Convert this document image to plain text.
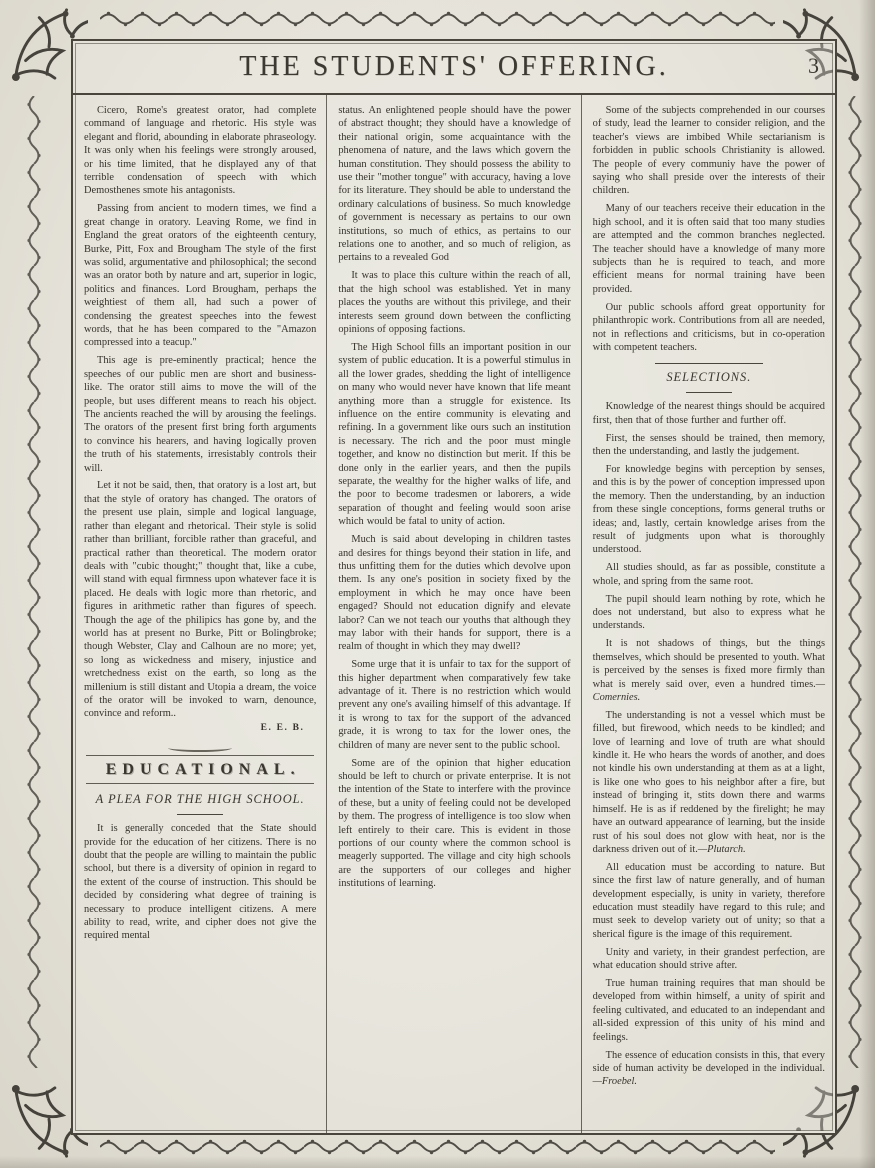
THE STUDENTS' OFFERING.	3

Cicero, Rome's greatest orator, had complete command of language and rhetoric. His style was elegant and florid, abounding in elaborate phraseology. It was only when his feelings were strongly aroused, or his time limited, that he displayed any of that terrible condensation of speech with which Demosthenes smote his antagonists.

Passing from ancient to modern times, we find a great change in oratory. Leaving Rome, we find in England the great orators of the eighteenth century, Burke, Pitt, Fox and Brougham The style of the first was solid, argumentative and philosophical; the second was an orator both by nature and art, superior in logic, politics and finances. Lord Brougham, perhaps the weightiest of them all, had such a power of condensing the greatest speeches into the fewest words, that he has been compared to the "Amazon compressed into a teacup."

This age is pre-eminently practical; hence the speeches of our public men are short and business-like. The orator still aims to move the will of the people, but uses different means to reach his object. The ancients reached the will by arousing the feelings. The orators of the present first bring forth arguments to convince his hearers, and having logically proven the truth of his statements, irresistably controls their will.

Let it not be said, then, that oratory is a lost art, but that the style of oratory has changed. The orators of the present use plain, simple and logical language, rather than elegant and rhetorical. Their style is solid rather than brilliant, forcible rather than graceful, and practical rather than theoretical. The modern orator deals with "cubic thought;" thought that, like a cube, will stand with equal firmness upon whatever face it is placed. He deals with logic more than rhetoric, and figures in arithmetic rather than figures of speech. Though the age of the philipics has gone by, and the world has at present no Burke, Pitt or Bolingbroke; though Webster, Clay and Calhoun are no more; yet, so long as wickedness and misery, injustice and wretchedness exist on the earth, so long as the millenium is still distant and Utopia a dream, the voice of the orator will be invoked to warn, denounce, convince and reform..
E. E. B.

EDUCATIONAL.
A PLEA FOR THE HIGH SCHOOL.

It is generally conceded that the State should provide for the education of her citizens. There is no doubt that the people are willing to maintain the public school, but there is a diversity of opinion in regard to the extent of the course of instruction. This should be decided by considering what degree of training is necessary to produce intelligent citizens. A mere ability to read, write, and cipher does not give the required mental

status. An enlightened people should have the power of abstract thought; they should have a knowledge of their national origin, some acquaintance with the phenomena of nature, and the laws which govern the human constitution. They should possess the ability to use their "mother tongue" with accuracy, having a love for its literature. They should be able to understand the ordinary calculations of business. So much knowledge of government is necessary as pertains to our own institutions, so much of ethics, as pertains to our relations one to another, and so much of religion, as pertains to a revealed God

It was to place this culture within the reach of all, that the high school was established. Yet in many places the youths are without this privilege, and their interests seem ground down between the conflicting opinions of opposing factions.

The High School fills an important position in our system of public education. It is a powerful stimulus in all the lower grades, shedding the light of intelligence on many who would never have known that life meant anything more than a struggle for existence. Its influence on the entire community is elevating and refining. In a government like ours such an institution is necessary. The rich and the poor must mingle together, and know no distinction but merit. If this be done only in the earlier years, and then the pupils separate, the wealthy for the higher walks of life, and the poor to become tradesmen or laborers, a wide separation of thought and feeling would soon arise which would be fatal to unity of action.

Much is said about developing in children tastes and desires for things beyond their station in life, and thus unfitting them for the duties which devolve upon them. Is any one's position in society fixed by the employment in which he may once have been engaged? Should not education dignify and elevate labor? Can we not teach our youths that although they may labor with their hands for support, there is a realm of thought in which they may dwell?

Some urge that it is unfair to tax for the support of this higher department when comparatively few take advantage of it. There is no restriction which would prevent any one's availing himself of this advantage. If it is wrong to tax for the support of the advanced grade, it is wrong to tax for the lower ones, the children of many are never sent to the public school.

Some are of the opinion that higher education should be left to church or private enterprise. It is not the intention of the State to interfere with the province of these, but a unity of feeling could not be developed by them. The progress of intelligence is too slow when left entirely to their care. This is evident in those portions of our county where the common school is meagerly supported. The village and city high schools are the supporters of our colleges and higher institutions of learning.

Some of the subjects comprehended in our courses of study, lead the learner to consider religion, and the teacher's views are imbibed While sectarianism is forbidden in public schools Christianity is allowed. The people of every communiy have the power of saying who shall preside over the interests of their children.

Many of our teachers receive their education in the high school, and it is often said that too many studies are attempted and the common branches neglected. The teacher should have a knowledge of many more subjects than he is required to teach, and more efficient means for normal training have been provided.

Our public schools afford great opportunity for philanthropic work. Contributions from all are needed, not in reflections and criticisms, but in co-operation with competent teachers.

SELECTIONS.

Knowledge of the nearest things should be acquired first, then that of those further and further off.

First, the senses should be trained, then memory, then the understanding, and lastly the judgement.

For knowledge begins with perception by senses, and this is by the power of conception impressed upon the memory. Then the understanding, by an induction from these single conceptions, forms general truths or ideas; and, lastly, certain knowledge arises from the result of judgments upon what is thoroughly understood.

All studies should, as far as possible, constitute a whole, and spring from the same root.

The pupil should learn nothing by rote, which he does not understand, but also to express what he understands.

It is not shadows of things, but the things themselves, which should be presented to youth. What is perceived by the senses is fixed more firmly than what is merely said over, even a hundred times.—Comernies.

The understanding is not a vessel which must be filled, but firewood, which needs to be kindled; and love of learning and love of truth are what should kindle it. He who hears the words of another, and does not kindle his own understanding at them as at a light, is like one who goes to his neighbor after a fire, but instead of bringing it, stits down there and warms himself. He is as if reddened by the firelight; he may have an outward appearance of learning, but the inside rust of his soul does not glow with heat, nor is the darkness driven out of it.—Plutarch.

All education must be according to nature. But since the first law of nature generally, and of human development especially, is unity in variety, therefore education must steadily have regard to this rule; and must seek to develop variety out of unity; so that a sherical figure is the image of this requirement.

Unity and variety, in their grandest perfection, are what education should strive after.

True human training requires that man should be developed from within himself, a unity of spirit and feeling cultivated, and educated to an independant and all-sided expression of this unity of his mind and feelings.

The essence of education consists in this, that every side of human activity be developed in the individual.—Froebel.
